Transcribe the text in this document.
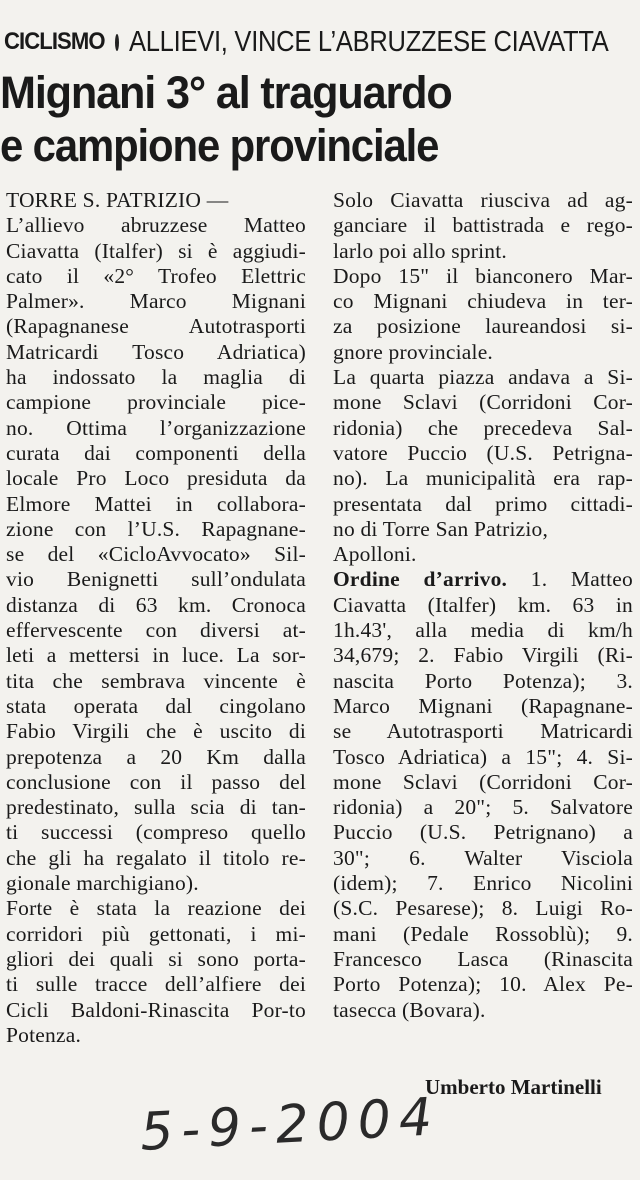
CICLISMO ALLIEVI, VINCE L’ABRUZZESE CIAVATTA
Mignani 3° al traguardo
e campione provinciale
TORRE S. PATRIZIO —
L’allievo abruzzese Matteo
Ciavatta (Italfer) si è aggiudi-
cato il «2° Trofeo Elettric
Palmer». Marco Mignani
(Rapagnanese Autotrasporti
Matricardi Tosco Adriatica)
ha indossato la maglia di
campione provinciale pice-
no. Ottima l’organizzazione
curata dai componenti della
locale Pro Loco presiduta da
Elmore Mattei in collabora-
zione con l’U.S. Rapagnane-
se del «CicloAvvocato» Sil-
vio Benignetti sull’ondulata
distanza di 63 km. Cronoca
effervescente con diversi at-
leti a mettersi in luce. La sor-
tita che sembrava vincente è
stata operata dal cingolano
Fabio Virgili che è uscito di
prepotenza a 20 Km dalla
conclusione con il passo del
predestinato, sulla scia di tan-
ti successi (compreso quello
che gli ha regalato il titolo re-
gionale marchigiano).
Forte è stata la reazione dei
corridori più gettonati, i mi-
gliori dei quali si sono porta-
ti sulle tracce dell’alfiere dei
Cicli Baldoni-Rinascita Por-to
Potenza.
Solo Ciavatta riusciva ad ag-
ganciare il battistrada e rego-
larlo poi allo sprint.
Dopo 15" il bianconero Mar-
co Mignani chiudeva in ter-
za posizione laureandosi si-
gnore provinciale.
La quarta piazza andava a Si-
mone Sclavi (Corridoni Cor-
ridonia) che precedeva Sal-
vatore Puccio (U.S. Petrigna-
no). La municipalità era rap-
presentata dal primo cittadi-
no di Torre San Patrizio,
Apolloni.
Ordine d’arrivo. 1. Matteo
Ciavatta (Italfer) km. 63 in
1h.43', alla media di km/h
34,679; 2. Fabio Virgili (Ri-
nascita Porto Potenza); 3.
Marco Mignani (Rapagnane-
se Autotrasporti Matricardi
Tosco Adriatica) a 15"; 4. Si-
mone Sclavi (Corridoni Cor-
ridonia) a 20"; 5. Salvatore
Puccio (U.S. Petrignano) a
30"; 6. Walter Visciola
(idem); 7. Enrico Nicolini
(S.C. Pesarese); 8. Luigi Ro-
mani (Pedale Rossoblù); 9.
Francesco Lasca (Rinascita
Porto Potenza); 10. Alex Pe-
tasecca (Bovara).
Umberto Martinelli
5-9-2004
